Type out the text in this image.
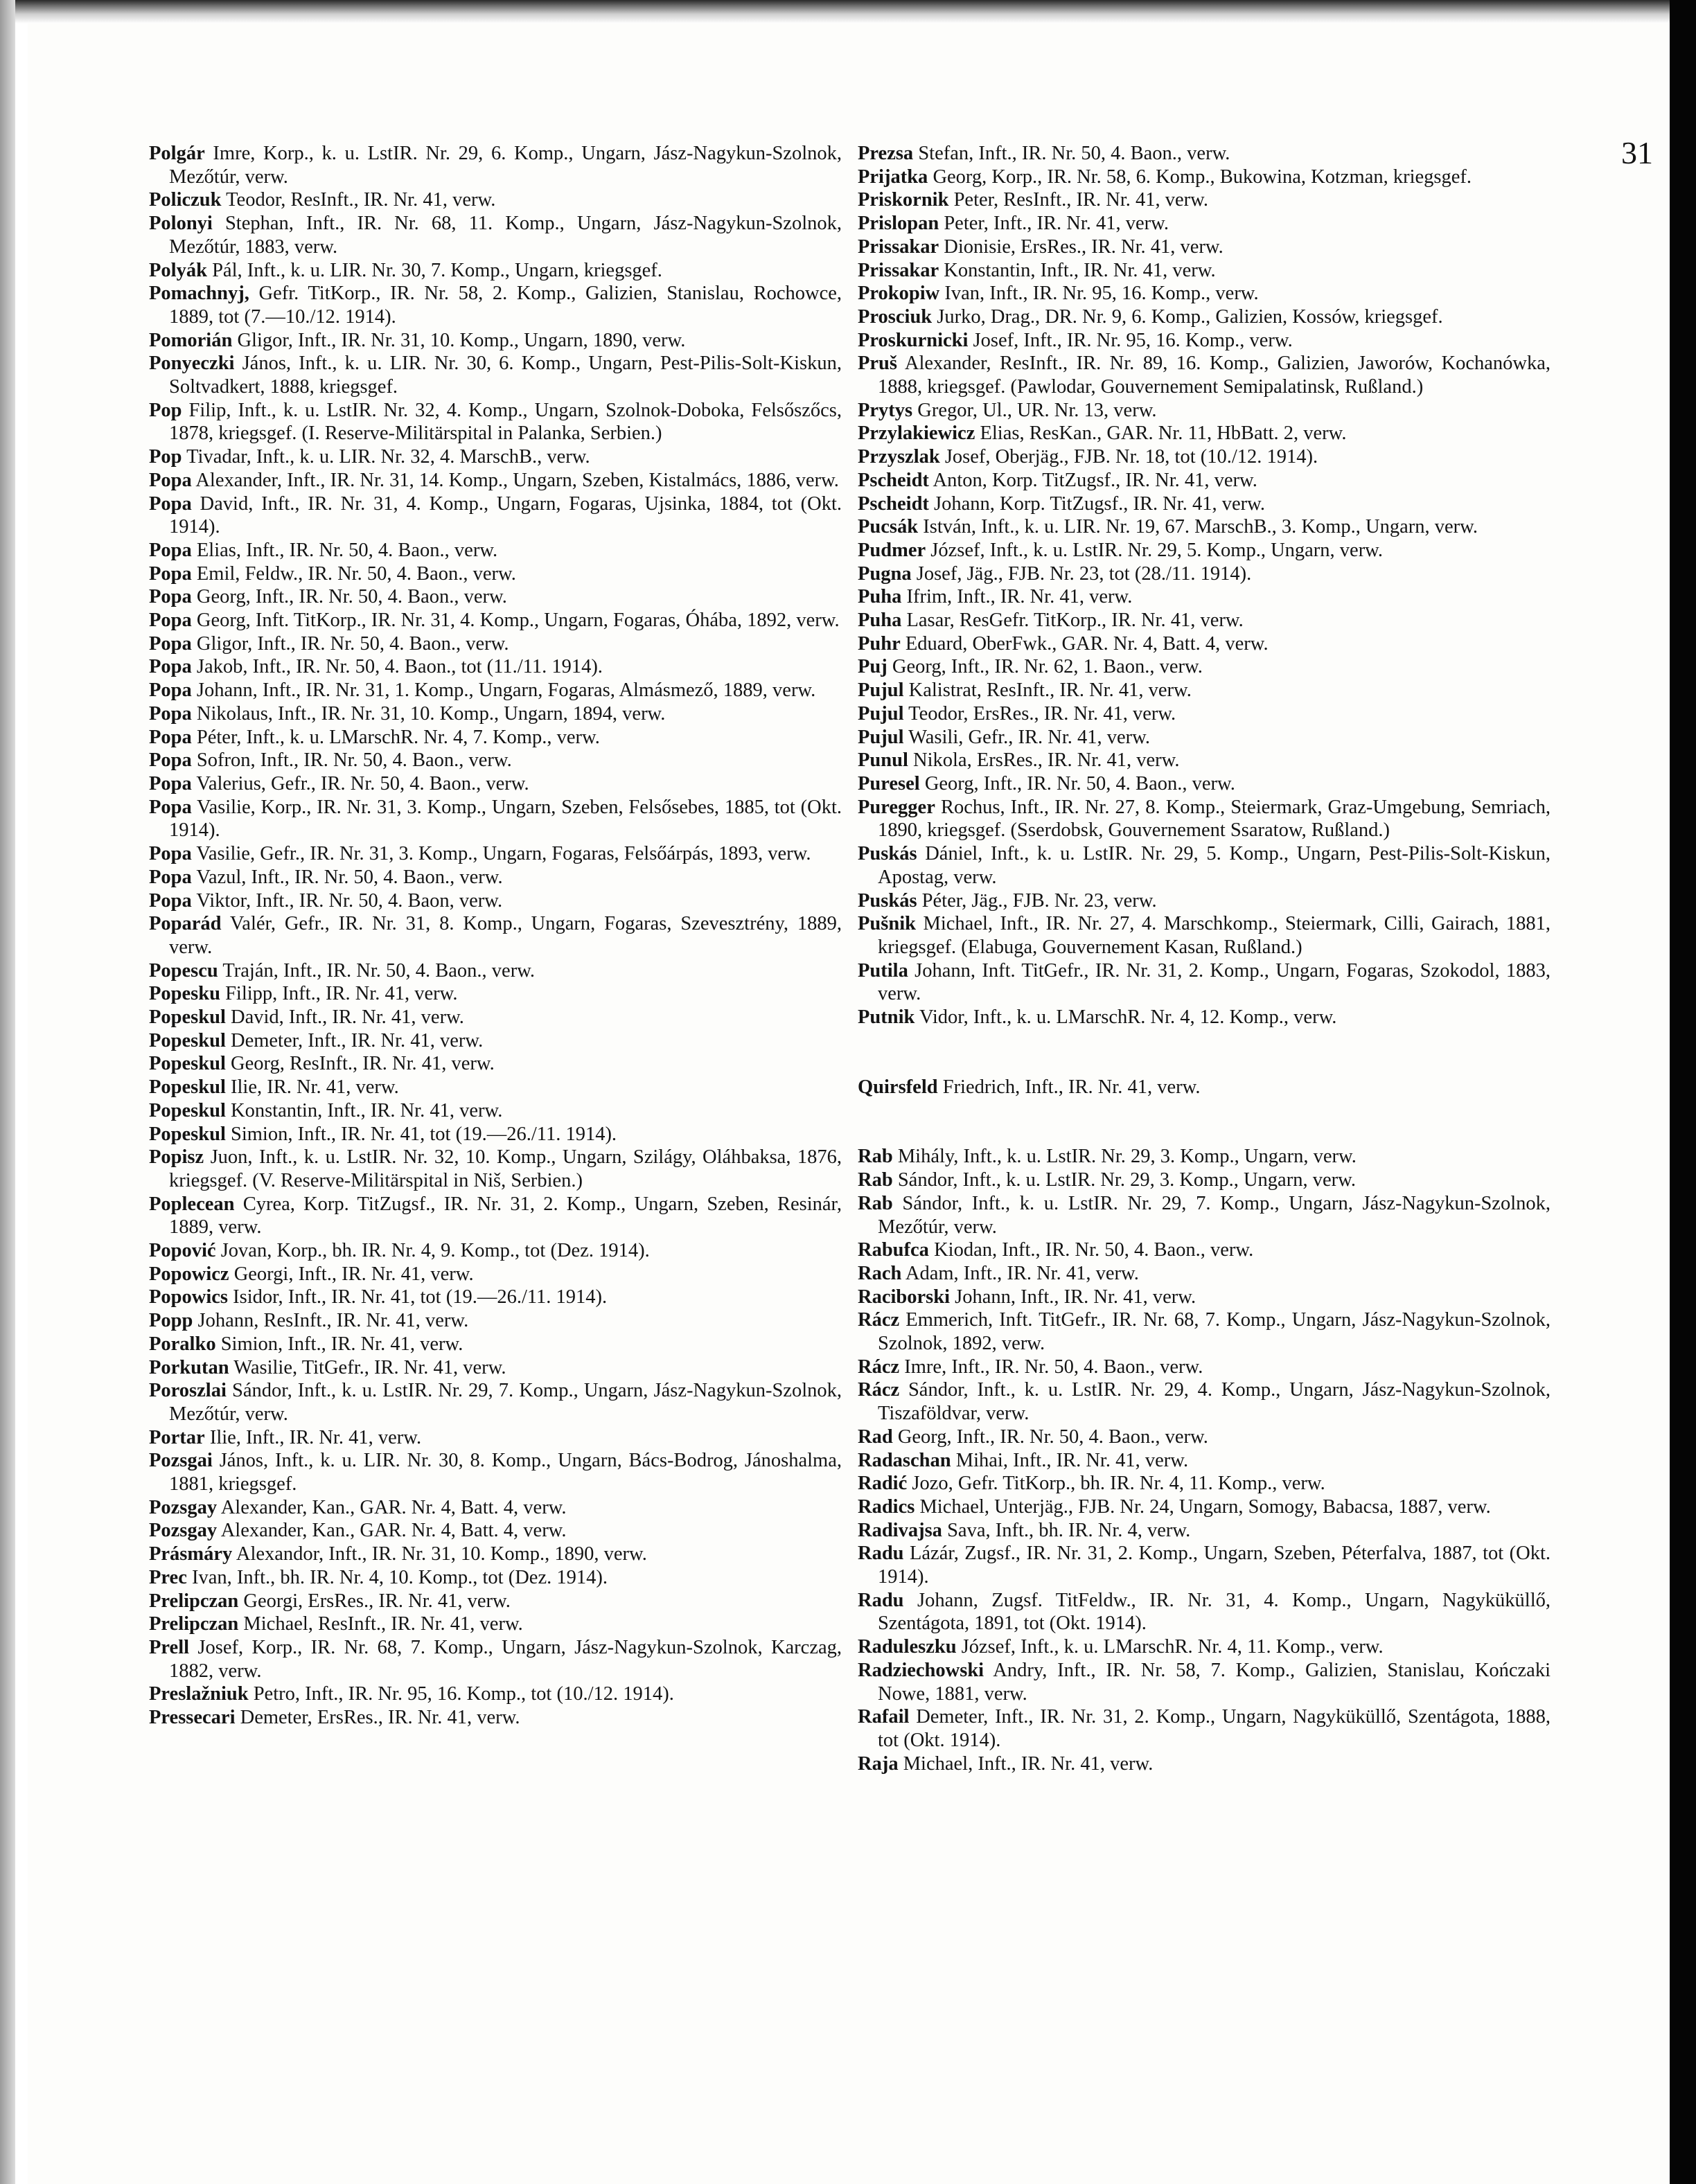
31
Polgár Imre, Korp., k. u. LstIR. Nr. 29, 6. Komp., Ungarn, Jász-Nagykun-Szolnok, Mezőtúr, verw.
Policzuk Teodor, ResInft., IR. Nr. 41, verw.
Polonyi Stephan, Inft., IR. Nr. 68, 11. Komp., Ungarn, Jász-Nagykun-Szolnok, Mezőtúr, 1883, verw.
Polyák Pál, Inft., k. u. LIR. Nr. 30, 7. Komp., Ungarn, kriegsgef.
Pomachnyj, Gefr. TitKorp., IR. Nr. 58, 2. Komp., Galizien, Stanislau, Rochowce, 1889, tot (7.—10./12. 1914).
Pomorián Gligor, Inft., IR. Nr. 31, 10. Komp., Ungarn, 1890, verw.
Ponyeczki János, Inft., k. u. LIR. Nr. 30, 6. Komp., Ungarn, Pest-Pilis-Solt-Kiskun, Soltvadkert, 1888, kriegsgef.
Pop Filip, Inft., k. u. LstIR. Nr. 32, 4. Komp., Ungarn, Szolnok-Doboka, Felsőszőcs, 1878, kriegsgef. (I. Reserve-Militärspital in Palanka, Serbien.)
Pop Tivadar, Inft., k. u. LIR. Nr. 32, 4. MarschB., verw.
Popa Alexander, Inft., IR. Nr. 31, 14. Komp., Ungarn, Szeben, Kistalmács, 1886, verw.
Popa David, Inft., IR. Nr. 31, 4. Komp., Ungarn, Fogaras, Ujsinka, 1884, tot (Okt. 1914).
Popa Elias, Inft., IR. Nr. 50, 4. Baon., verw.
Popa Emil, Feldw., IR. Nr. 50, 4. Baon., verw.
Popa Georg, Inft., IR. Nr. 50, 4. Baon., verw.
Popa Georg, Inft. TitKorp., IR. Nr. 31, 4. Komp., Ungarn, Fogaras, Óhába, 1892, verw.
Popa Gligor, Inft., IR. Nr. 50, 4. Baon., verw.
Popa Jakob, Inft., IR. Nr. 50, 4. Baon., tot (11./11. 1914).
Popa Johann, Inft., IR. Nr. 31, 1. Komp., Ungarn, Fogaras, Almásmező, 1889, verw.
Popa Nikolaus, Inft., IR. Nr. 31, 10. Komp., Ungarn, 1894, verw.
Popa Péter, Inft., k. u. LMarschR. Nr. 4, 7. Komp., verw.
Popa Sofron, Inft., IR. Nr. 50, 4. Baon., verw.
Popa Valerius, Gefr., IR. Nr. 50, 4. Baon., verw.
Popa Vasilie, Korp., IR. Nr. 31, 3. Komp., Ungarn, Szeben, Felsősebes, 1885, tot (Okt. 1914).
Popa Vasilie, Gefr., IR. Nr. 31, 3. Komp., Ungarn, Fogaras, Felsőárpás, 1893, verw.
Popa Vazul, Inft., IR. Nr. 50, 4. Baon., verw.
Popa Viktor, Inft., IR. Nr. 50, 4. Baon, verw.
Poparád Valér, Gefr., IR. Nr. 31, 8. Komp., Ungarn, Fogaras, Szevesztrény, 1889, verw.
Popescu Traján, Inft., IR. Nr. 50, 4. Baon., verw.
Popesku Filipp, Inft., IR. Nr. 41, verw.
Popeskul David, Inft., IR. Nr. 41, verw.
Popeskul Demeter, Inft., IR. Nr. 41, verw.
Popeskul Georg, ResInft., IR. Nr. 41, verw.
Popeskul Ilie, IR. Nr. 41, verw.
Popeskul Konstantin, Inft., IR. Nr. 41, verw.
Popeskul Simion, Inft., IR. Nr. 41, tot (19.—26./11. 1914).
Popisz Juon, Inft., k. u. LstIR. Nr. 32, 10. Komp., Ungarn, Szilágy, Oláhbaksa, 1876, kriegsgef. (V. Reserve-Militärspital in Niš, Serbien.)
Poplecean Cyrea, Korp. TitZugsf., IR. Nr. 31, 2. Komp., Ungarn, Szeben, Resinár, 1889, verw.
Popović Jovan, Korp., bh. IR. Nr. 4, 9. Komp., tot (Dez. 1914).
Popowicz Georgi, Inft., IR. Nr. 41, verw.
Popowics Isidor, Inft., IR. Nr. 41, tot (19.—26./11. 1914).
Popp Johann, ResInft., IR. Nr. 41, verw.
Poralko Simion, Inft., IR. Nr. 41, verw.
Porkutan Wasilie, TitGefr., IR. Nr. 41, verw.
Poroszlai Sándor, Inft., k. u. LstIR. Nr. 29, 7. Komp., Ungarn, Jász-Nagykun-Szolnok, Mezőtúr, verw.
Portar Ilie, Inft., IR. Nr. 41, verw.
Pozsgai János, Inft., k. u. LIR. Nr. 30, 8. Komp., Ungarn, Bács-Bodrog, Jánoshalma, 1881, kriegsgef.
Pozsgay Alexander, Kan., GAR. Nr. 4, Batt. 4, verw.
Pozsgay Alexander, Kan., GAR. Nr. 4, Batt. 4, verw.
Prásmáry Alexandor, Inft., IR. Nr. 31, 10. Komp., 1890, verw.
Prec Ivan, Inft., bh. IR. Nr. 4, 10. Komp., tot (Dez. 1914).
Prelipczan Georgi, ErsRes., IR. Nr. 41, verw.
Prelipczan Michael, ResInft., IR. Nr. 41, verw.
Prell Josef, Korp., IR. Nr. 68, 7. Komp., Ungarn, Jász-Nagykun-Szolnok, Karczag, 1882, verw.
Preslažniuk Petro, Inft., IR. Nr. 95, 16. Komp., tot (10./12. 1914).
Pressecari Demeter, ErsRes., IR. Nr. 41, verw.
Prezsa Stefan, Inft., IR. Nr. 50, 4. Baon., verw.
Prijatka Georg, Korp., IR. Nr. 58, 6. Komp., Bukowina, Kotzman, kriegsgef.
Priskornik Peter, ResInft., IR. Nr. 41, verw.
Prislopan Peter, Inft., IR. Nr. 41, verw.
Prissakar Dionisie, ErsRes., IR. Nr. 41, verw.
Prissakar Konstantin, Inft., IR. Nr. 41, verw.
Prokopiw Ivan, Inft., IR. Nr. 95, 16. Komp., verw.
Prosciuk Jurko, Drag., DR. Nr. 9, 6. Komp., Galizien, Kossów, kriegsgef.
Proskurnicki Josef, Inft., IR. Nr. 95, 16. Komp., verw.
Pruš Alexander, ResInft., IR. Nr. 89, 16. Komp., Galizien, Jaworów, Kochanówka, 1888, kriegsgef. (Pawlodar, Gouvernement Semipalatinsk, Rußland.)
Prytys Gregor, Ul., UR. Nr. 13, verw.
Przylakiewicz Elias, ResKan., GAR. Nr. 11, HbBatt. 2, verw.
Przyszlak Josef, Oberjäg., FJB. Nr. 18, tot (10./12. 1914).
Pscheidt Anton, Korp. TitZugsf., IR. Nr. 41, verw.
Pscheidt Johann, Korp. TitZugsf., IR. Nr. 41, verw.
Pucsák István, Inft., k. u. LIR. Nr. 19, 67. MarschB., 3. Komp., Ungarn, verw.
Pudmer József, Inft., k. u. LstIR. Nr. 29, 5. Komp., Ungarn, verw.
Pugna Josef, Jäg., FJB. Nr. 23, tot (28./11. 1914).
Puha Ifrim, Inft., IR. Nr. 41, verw.
Puha Lasar, ResGefr. TitKorp., IR. Nr. 41, verw.
Puhr Eduard, OberFwk., GAR. Nr. 4, Batt. 4, verw.
Puj Georg, Inft., IR. Nr. 62, 1. Baon., verw.
Pujul Kalistrat, ResInft., IR. Nr. 41, verw.
Pujul Teodor, ErsRes., IR. Nr. 41, verw.
Pujul Wasili, Gefr., IR. Nr. 41, verw.
Punul Nikola, ErsRes., IR. Nr. 41, verw.
Puresel Georg, Inft., IR. Nr. 50, 4. Baon., verw.
Puregger Rochus, Inft., IR. Nr. 27, 8. Komp., Steiermark, Graz-Umgebung, Semriach, 1890, kriegsgef. (Sserdobsk, Gouvernement Ssaratow, Rußland.)
Puskás Dániel, Inft., k. u. LstIR. Nr. 29, 5. Komp., Ungarn, Pest-Pilis-Solt-Kiskun, Apostag, verw.
Puskás Péter, Jäg., FJB. Nr. 23, verw.
Pušnik Michael, Inft., IR. Nr. 27, 4. Marschkomp., Steiermark, Cilli, Gairach, 1881, kriegsgef. (Elabuga, Gouvernement Kasan, Rußland.)
Putila Johann, Inft. TitGefr., IR. Nr. 31, 2. Komp., Ungarn, Fogaras, Szokodol, 1883, verw.
Putnik Vidor, Inft., k. u. LMarschR. Nr. 4, 12. Komp., verw.
Quirsfeld Friedrich, Inft., IR. Nr. 41, verw.
Rab Mihály, Inft., k. u. LstIR. Nr. 29, 3. Komp., Ungarn, verw.
Rab Sándor, Inft., k. u. LstIR. Nr. 29, 3. Komp., Ungarn, verw.
Rab Sándor, Inft., k. u. LstIR. Nr. 29, 7. Komp., Ungarn, Jász-Nagykun-Szolnok, Mezőtúr, verw.
Rabufca Kiodan, Inft., IR. Nr. 50, 4. Baon., verw.
Rach Adam, Inft., IR. Nr. 41, verw.
Raciborski Johann, Inft., IR. Nr. 41, verw.
Rácz Emmerich, Inft. TitGefr., IR. Nr. 68, 7. Komp., Ungarn, Jász-Nagykun-Szolnok, Szolnok, 1892, verw.
Rácz Imre, Inft., IR. Nr. 50, 4. Baon., verw.
Rácz Sándor, Inft., k. u. LstIR. Nr. 29, 4. Komp., Ungarn, Jász-Nagykun-Szolnok, Tiszaföldvar, verw.
Rad Georg, Inft., IR. Nr. 50, 4. Baon., verw.
Radaschan Mihai, Inft., IR. Nr. 41, verw.
Radić Jozo, Gefr. TitKorp., bh. IR. Nr. 4, 11. Komp., verw.
Radics Michael, Unterjäg., FJB. Nr. 24, Ungarn, Somogy, Babacsa, 1887, verw.
Radivajsa Sava, Inft., bh. IR. Nr. 4, verw.
Radu Lázár, Zugsf., IR. Nr. 31, 2. Komp., Ungarn, Szeben, Péterfalva, 1887, tot (Okt. 1914).
Radu Johann, Zugsf. TitFeldw., IR. Nr. 31, 4. Komp., Ungarn, Nagyküküllő, Szentágota, 1891, tot (Okt. 1914).
Raduleszku József, Inft., k. u. LMarschR. Nr. 4, 11. Komp., verw.
Radziechowski Andry, Inft., IR. Nr. 58, 7. Komp., Galizien, Stanislau, Kończaki Nowe, 1881, verw.
Rafail Demeter, Inft., IR. Nr. 31, 2. Komp., Ungarn, Nagyküküllő, Szentágota, 1888, tot (Okt. 1914).
Raja Michael, Inft., IR. Nr. 41, verw.
